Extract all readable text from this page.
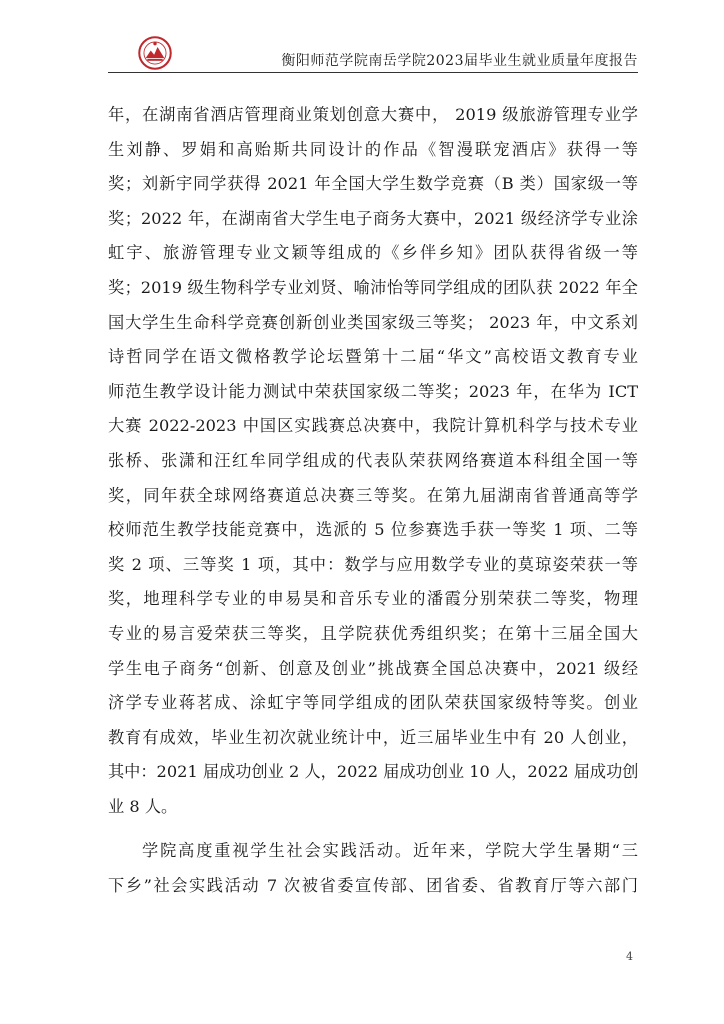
衡阳师范学院南岳学院2023届毕业生就业质量年度报告
年，在湖南省酒店管理商业策划创意大赛中， 2019 级旅游管理专业学
生刘静、罗娟和高贻斯共同设计的作品《智漫联宠酒店》获得一等
奖；刘新宇同学获得 2021 年全国大学生数学竞赛（B 类）国家级一等
奖；2022 年，在湖南省大学生电子商务大赛中，2021 级经济学专业涂
虹宇、旅游管理专业文颖等组成的《乡伴乡知》团队获得省级一等
奖；2019 级生物科学专业刘贤、喻沛怡等同学组成的团队获 2022 年全
国大学生生命科学竞赛创新创业类国家级三等奖； 2023 年，中文系刘
诗哲同学在语文微格教学论坛暨第十二届“华文”高校语文教育专业
师范生教学设计能力测试中荣获国家级二等奖；2023 年，在华为 ICT
大赛 2022-2023 中国区实践赛总决赛中，我院计算机科学与技术专业
张桥、张潇和汪红牟同学组成的代表队荣获网络赛道本科组全国一等
奖，同年获全球网络赛道总决赛三等奖。在第九届湖南省普通高等学
校师范生教学技能竞赛中，选派的 5 位参赛选手获一等奖 1 项、二等
奖 2 项、三等奖 1 项，其中：数学与应用数学专业的莫琼姿荣获一等
奖，地理科学专业的申易昊和音乐专业的潘霞分别荣获二等奖，物理
专业的易言爱荣获三等奖，且学院获优秀组织奖；在第十三届全国大
学生电子商务“创新、创意及创业”挑战赛全国总决赛中，2021 级经
济学专业蒋茗成、涂虹宇等同学组成的团队荣获国家级特等奖。创业
教育有成效，毕业生初次就业统计中，近三届毕业生中有 20 人创业，
其中：2021 届成功创业 2 人，2022 届成功创业 10 人，2022 届成功创
业 8 人。
学院高度重视学生社会实践活动。近年来，学院大学生暑期“三
下乡”社会实践活动 7 次被省委宣传部、团省委、省教育厅等六部门
4
